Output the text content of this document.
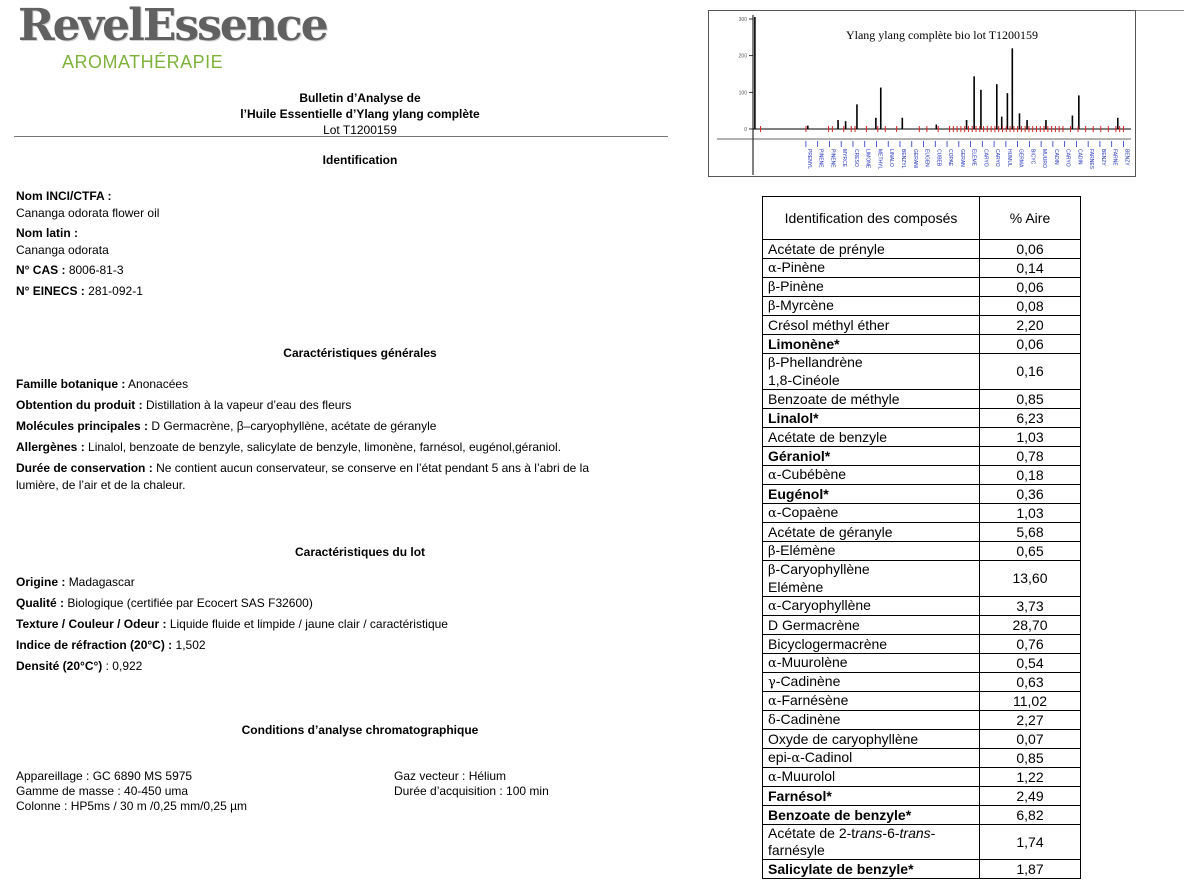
RevelEssence
AROMATHÉRAPIE
Bulletin d’Analyse de
l’Huile Essentielle d’Ylang ylang complète
Lot T1200159
Identification
Nom INCI/CTFA :
Cananga odorata flower oil
Nom latin :
Cananga odorata
N° CAS : 8006-81-3
N° EINECS : 281-092-1
Caractéristiques générales
Famille botanique : Anonacées
Obtention du produit : Distillation à la vapeur d’eau des fleurs
Molécules principales : D Germacrène, β–caryophyllène, acétate de géranyle
Allergènes : Linalol, benzoate de benzyle, salicylate de benzyle, limonène, farnésol, eugénol,géraniol.
Durée de conservation : Ne contient aucun conservateur, se conserve en l’état pendant 5 ans à l’abri de la
lumière, de l’air et de la chaleur.
Caractéristiques du lot
Origine : Madagascar
Qualité : Biologique (certifiée par Ecocert SAS F32600)
Texture / Couleur / Odeur : Liquide fluide et limpide / jaune clair / caractéristique
Indice de réfraction (20°C) : 1,502
Densité (20°C°) : 0,922
Conditions d’analyse chromatographique
Appareillage : GC 6890 MS 5975
Gamme de masse : 40-450 uma
Colonne : HP5ms / 30 m /0,25 mm/0,25 µm
Gaz vecteur : Hélium
Durée d’acquisition : 100 min
Ylang ylang complète bio lot T1200159
300
200
100
0
PRENYL PINENE PINENE MYRCE CRESO LIMONE METHYL LINALO BENZYL GERANI EUGEN CUBEB COPAE GERAN ELEME CARYO CARYO HUMUL GERMA BICYC MUURO CADIN CARYO CADIN FARNES BENZY FARNE BENZY
Identification des composés	% Aire
Acétate de prényle	0,06
α-Pinène	0,14
β-Pinène	0,06
β-Myrcène	0,08
Crésol méthyl éther	2,20
Limonène*	0,06
β-Phellandrène
1,8-Cinéole	0,16
Benzoate de méthyle	0,85
Linalol*	6,23
Acétate de benzyle	1,03
Géraniol*	0,78
α-Cubébène	0,18
Eugénol*	0,36
α-Copaène	1,03
Acétate de géranyle	5,68
β-Elémène	0,65
β-Caryophyllène
Elémène	13,60
α-Caryophyllène	3,73
D Germacrène	28,70
Bicyclogermacrène	0,76
α-Muurolène	0,54
γ-Cadinène	0,63
α-Farnésène	11,02
δ-Cadinène	2,27
Oxyde de caryophyllène	0,07
epi-α-Cadinol	0,85
α-Muurolol	1,22
Farnésol*	2,49
Benzoate de benzyle*	6,82
Acétate de 2-trans-6-trans-
farnésyle	1,74
Salicylate de benzyle*	1,87
